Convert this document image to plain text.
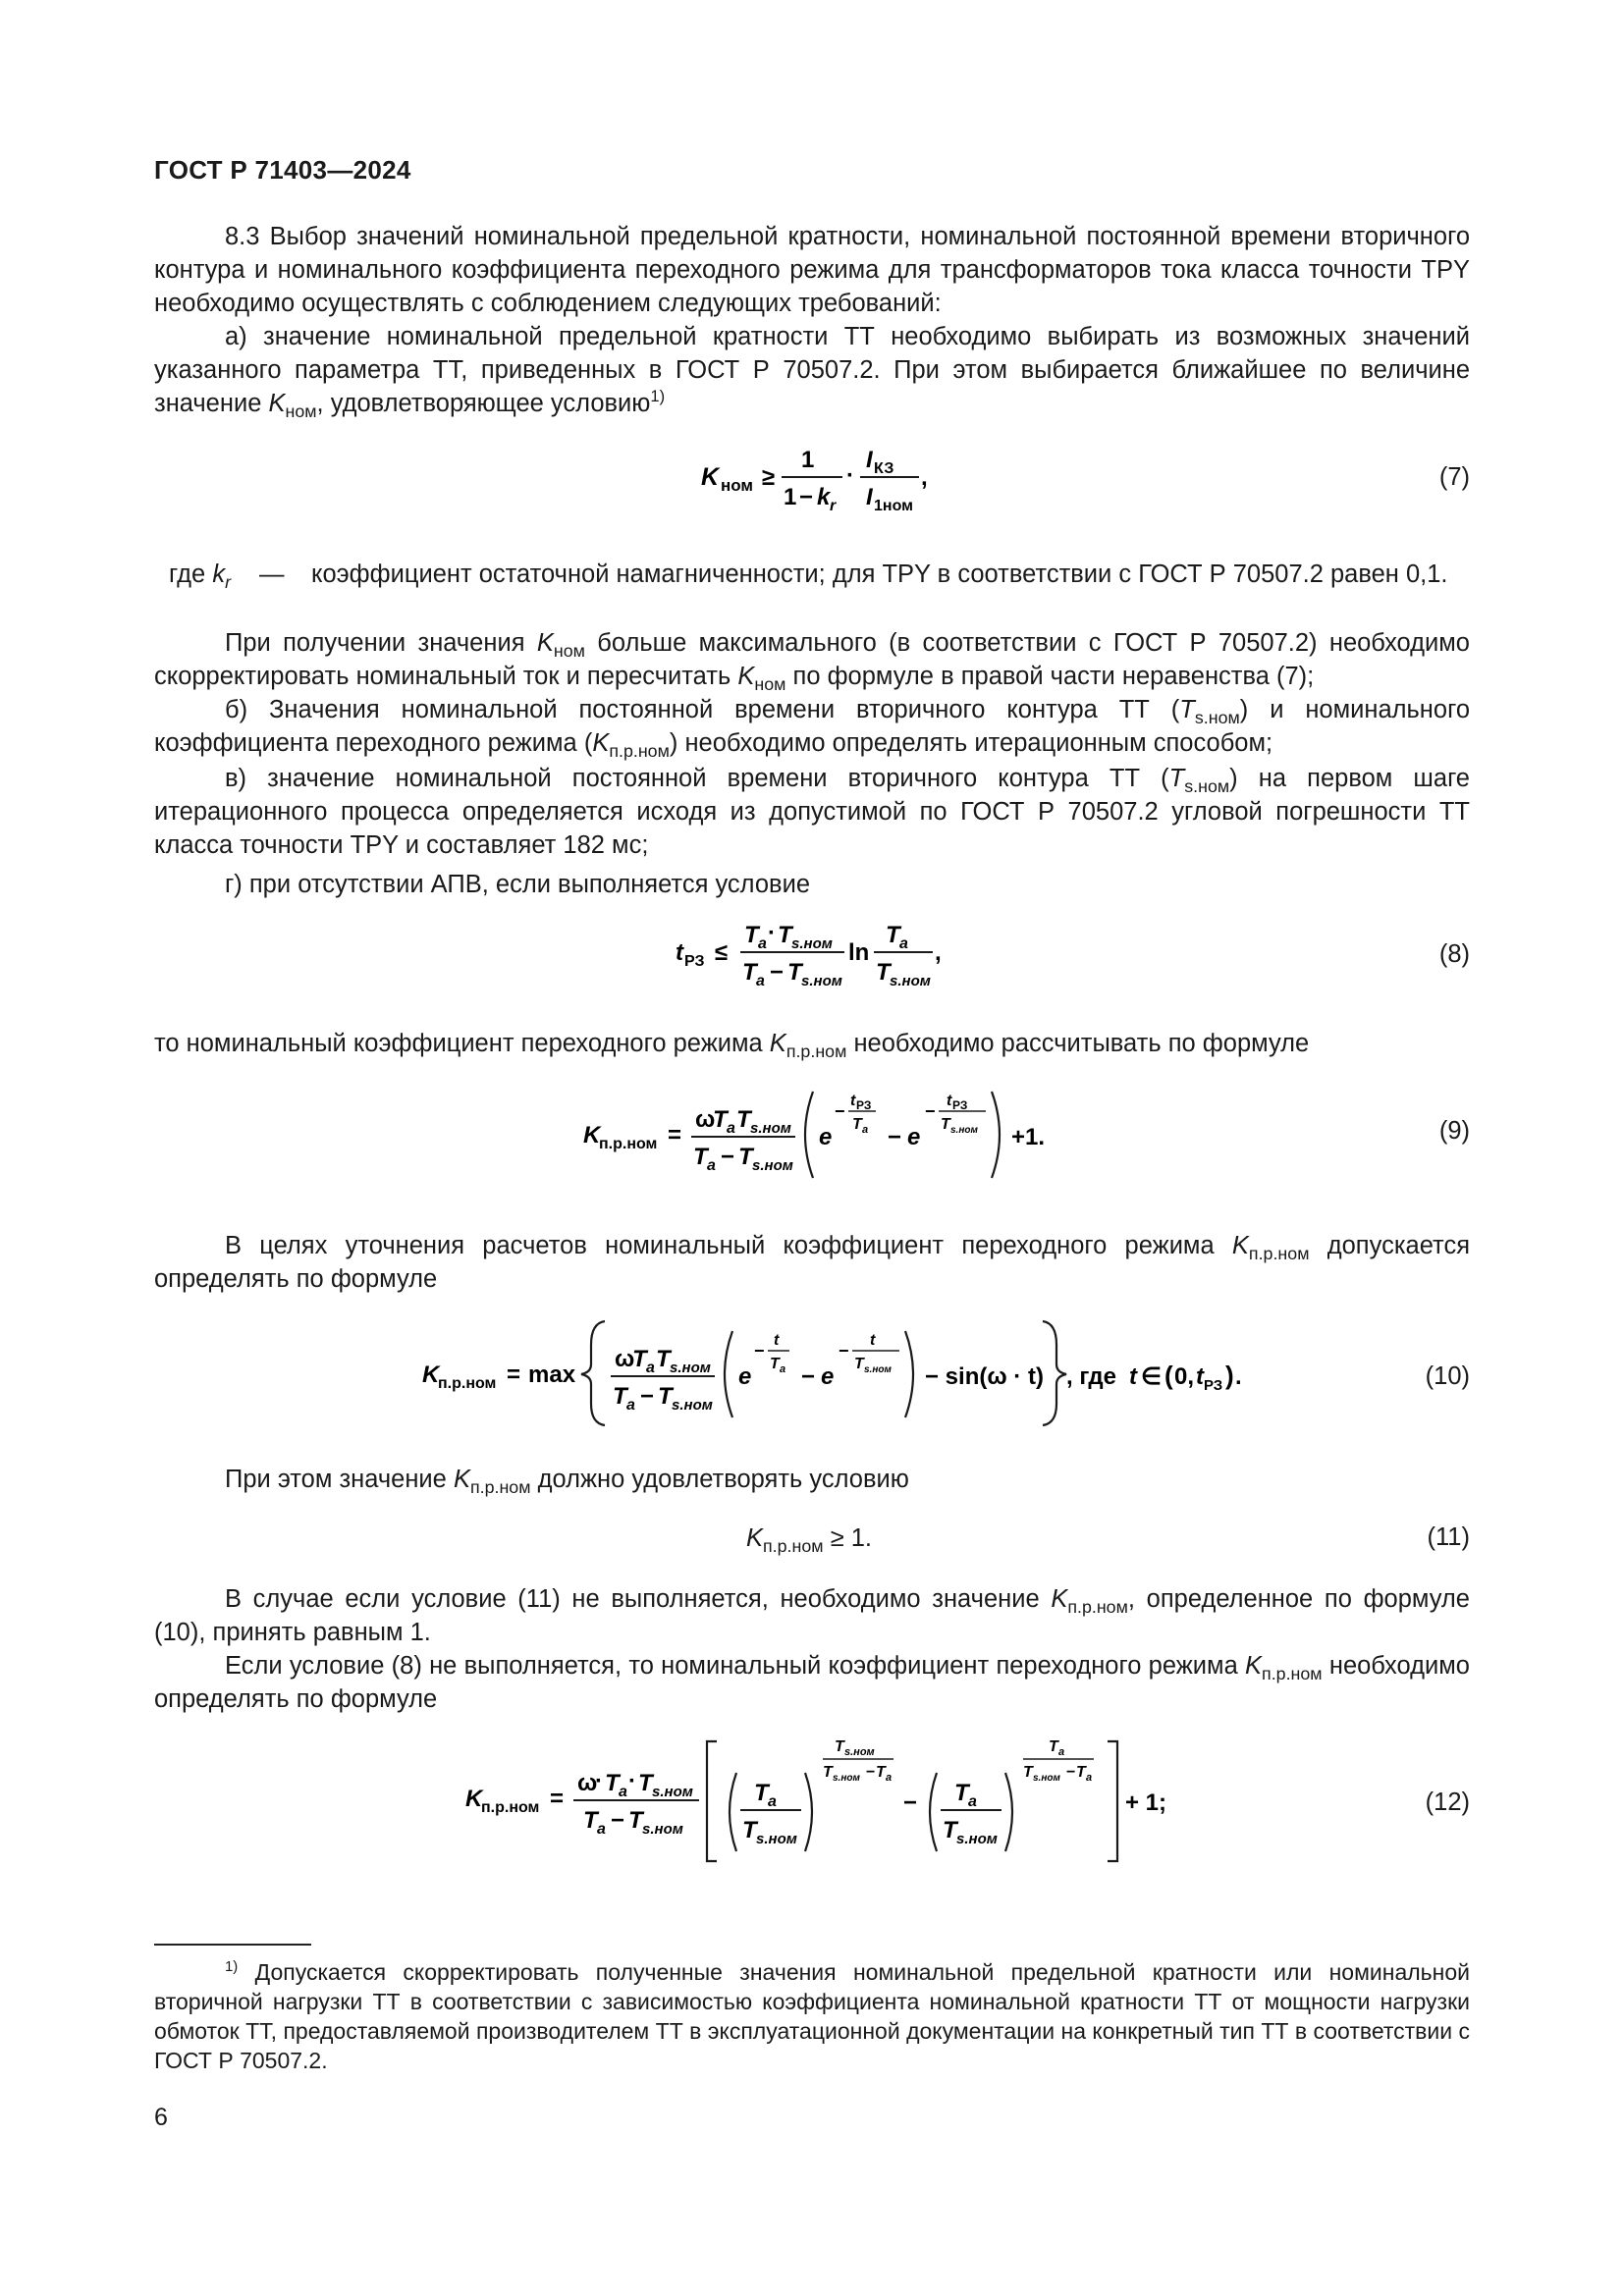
ГОСТ Р 71403—2024
8.3 Выбор значений номинальной предельной кратности, номинальной постоянной времени вторичного контура и номинального коэффициента переходного режима для трансформаторов тока класса точности TPY необходимо осуществлять с соблюдением следующих требований:
а) значение номинальной предельной кратности ТТ необходимо выбирать из возможных значений указанного параметра ТТ, приведенных в ГОСТ Р 70507.2. При этом выбирается ближайшее по величине значение $K_{ном}$, удовлетворяющее условию$^{1)}$
K ном ≥
1
1 − k r
·
I КЗ
I 1ном
,	(7)
где $k_r$ — коэффициент остаточной намагниченности; для TPY в соответствии с ГОСТ Р 70507.2 равен 0,1.
При получении значения $K_{ном}$ больше максимального (в соответствии с ГОСТ Р 70507.2) необходимо скорректировать номинальный ток и пересчитать $K_{ном}$ по формуле в правой части неравенства (7);
б) Значения номинальной постоянной времени вторичного контура ТТ $(T_{s.ном})$ и номинального коэффициента переходного режима $(K_{п.р.ном})$ необходимо определять итерационным способом;
в) значение номинальной постоянной времени вторичного контура ТТ $(T_{s.ном})$ на первом шаге итерационного процесса определяется исходя из допустимой по ГОСТ Р 70507.2 угловой погрешности ТТ класса точности TPY и составляет 182 мс;
г) при отсутствии АПВ, если выполняется условие
t РЗ ≤
T a · T s.ном
T a − T s.ном
ln
T a
T s.ном
,	(8)
то номинальный коэффициент переходного режима $K_{п.р.ном}$ необходимо рассчитывать по формуле
K
п.р.ном =
ω
T a T s.ном
T a − T s.ном
e
−
t РЗ
T a − e
−
t РЗ
T s.ном +1.	(9)
В целях уточнения расчетов номинальный коэффициент переходного режима $K_{п.р.ном}$ допускается определять по формуле
K
п.р.ном = max
ω
T a T s.ном
T a − T s.ном
e
−
t
T a − e
−
t
T s.ном − sin(ω · t) , где t ∈ ( 0, t РЗ ) .	(10)
При этом значение $K_{п.р.ном}$ должно удовлетворять условию
$K_{п.р.ном} \ge 1$.	(11)
В случае если условие (11) не выполняется, необходимо значение $K_{п.р.ном}$, определенное по формуле (10), принять равным 1.
Если условие (8) не выполняется, то номинальный коэффициент переходного режима $K_{п.р.ном}$ необходимо определять по формуле
K
п.р.ном =
ω
· T a · T s.ном
T a − T s.ном
T a
T s.ном
T s.ном
T s.ном − T a
− T a
T s.ном
T a
T s.ном − T a
+ 1;	(12)
$^{1)}$ Допускается скорректировать полученные значения номинальной предельной кратности или номинальной вторичной нагрузки ТТ в соответствии с зависимостью коэффициента номинальной кратности ТТ от мощности нагрузки обмоток ТТ, предоставляемой производителем ТТ в эксплуатационной документации на конкретный тип ТТ в соответствии с ГОСТ Р 70507.2.
6
